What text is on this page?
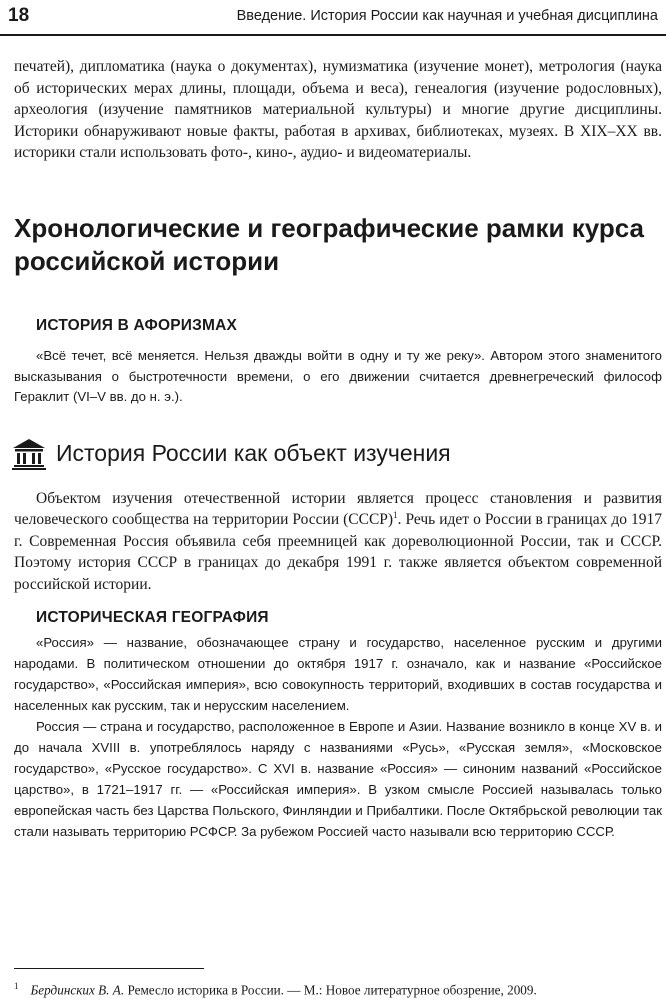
18	Введение. История России как научная и учебная дисциплина

печатей), дипломатика (наука о документах), нумизматика (изучение монет), метрология (наука об исторических мерах длины, площади, объема и веса), генеалогия (изучение родословных), археология (изучение памятников материальной культуры) и многие другие дисциплины. Историки обнаруживают новые факты, работая в архивах, библиотеках, музеях. В XIX–XX вв. историки стали использовать фото-, кино-, аудио- и видеоматериалы.

Хронологические и географические рамки курса российской истории
ИСТОРИЯ В АФОРИЗМАХ

«Всё течет, всё меняется. Нельзя дважды войти в одну и ту же реку». Автором этого знаменитого высказывания о быстротечности времени, о его движении считается древнегреческий философ Гераклит (VI–V вв. до н. э.).

История России как объект изучения

Объектом изучения отечественной истории является процесс становления и развития человеческого сообщества на территории России (СССР)$^1$. Речь идет о России в границах до 1917 г. Современная Россия объявила себя преемницей как дореволюционной России, так и СССР. Поэтому история СССР в границах до декабря 1991 г. также является объектом современной российской истории.

ИСТОРИЧЕСКАЯ ГЕОГРАФИЯ

«Россия» — название, обозначающее страну и государство, населенное русским и другими народами. В политическом отношении до октября 1917 г. означало, как и название «Российское государство», «Российская империя», всю совокупность территорий, входивших в состав государства и населенных как русским, так и нерусским населением.

Россия — страна и государство, расположенное в Европе и Азии. Название возникло в конце XV в. и до начала XVIII в. употреблялось наряду с названиями «Русь», «Русская земля», «Московское государство», «Русское государство». С XVI в. название «Россия» — синоним названий «Российское царство», в 1721–1917 гг. — «Российская империя». В узком смысле Россией называлась только европейская часть без Царства Польского, Финляндии и Прибалтики. После Октябрьской революции так стали называть территорию РСФСР. За рубежом Россией часто называли всю территорию СССР.

$^1$ Бердинских В. А. Ремесло историка в России. — М.: Новое литературное обозрение, 2009.
